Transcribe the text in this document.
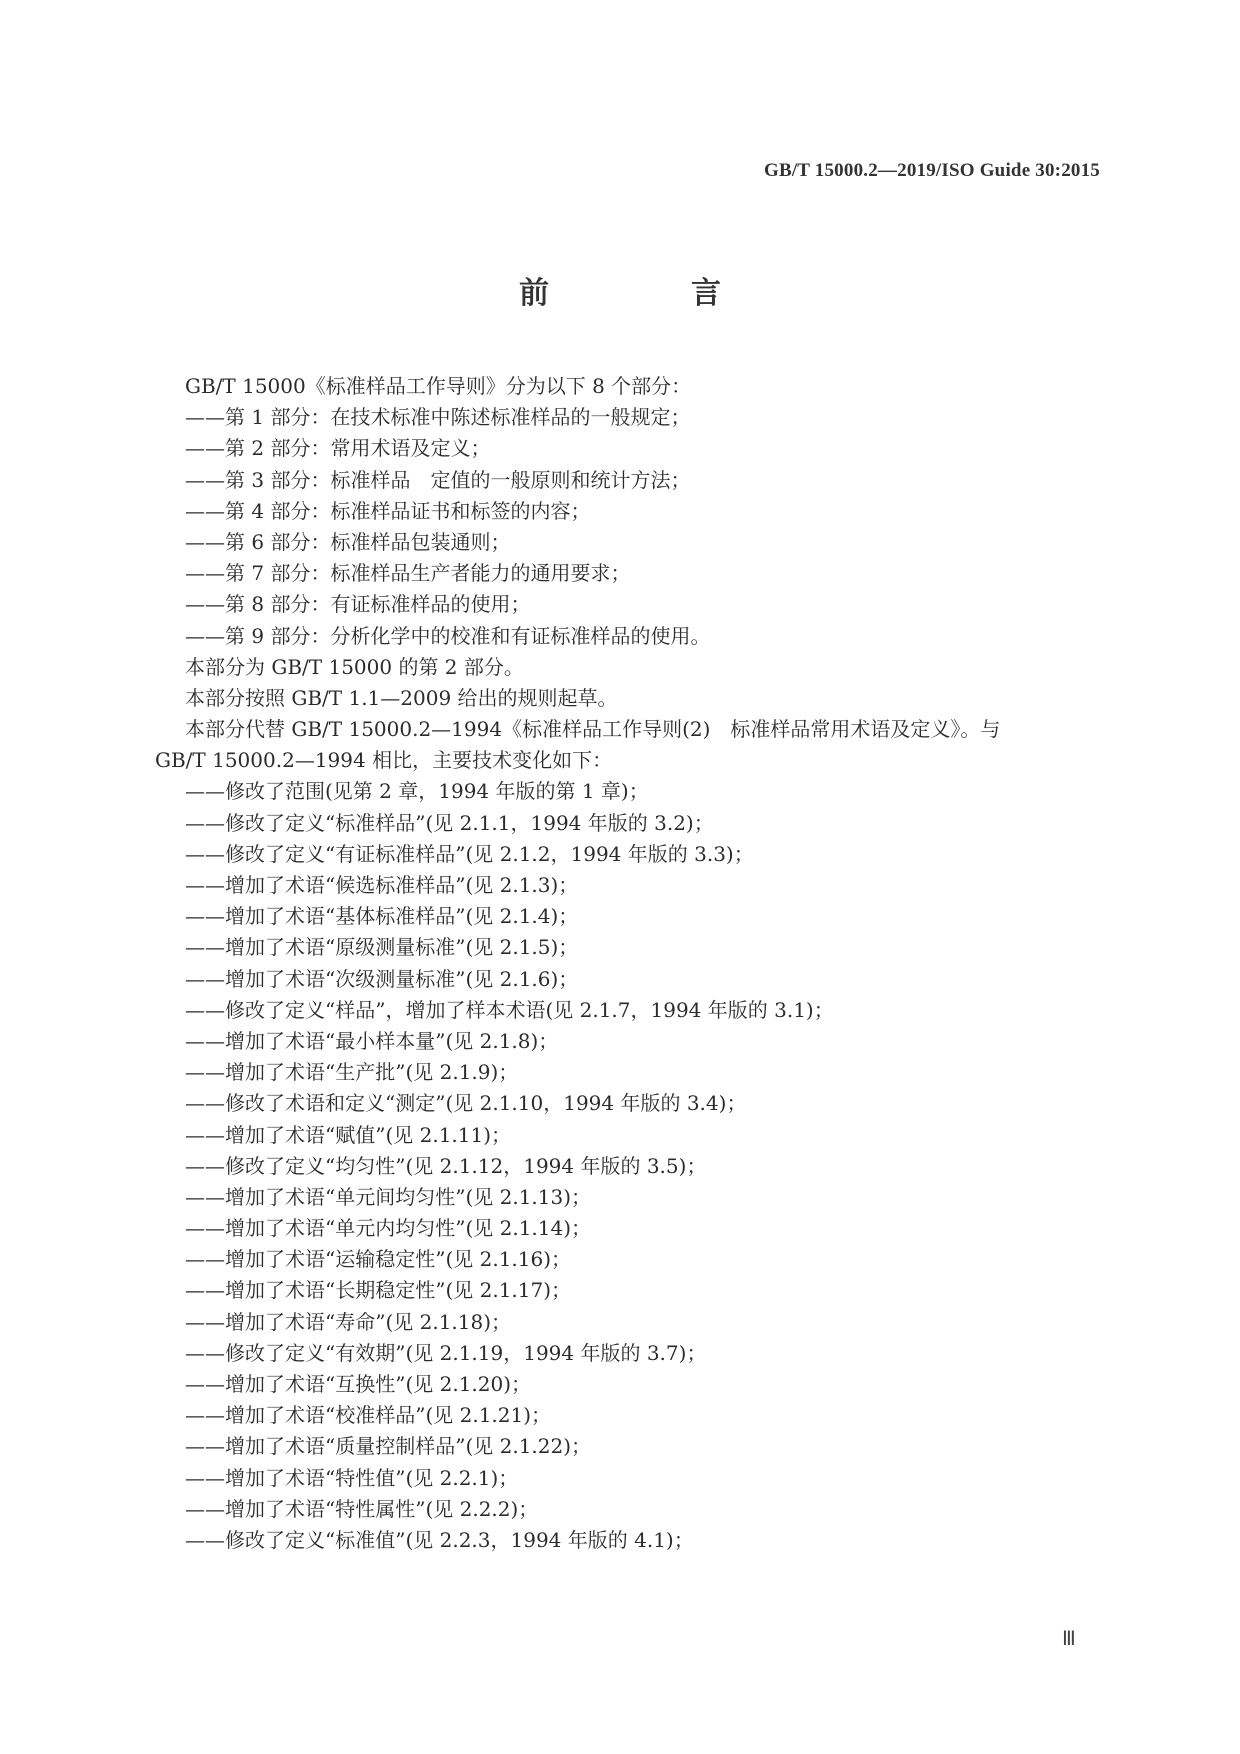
GB/T 15000.2—2019/ISO Guide 30:2015
前　言
GB/T 15000《标准样品工作导则》分为以下 8 个部分：
——第 1 部分：在技术标准中陈述标准样品的一般规定；
——第 2 部分：常用术语及定义；
——第 3 部分：标准样品　定值的一般原则和统计方法；
——第 4 部分：标准样品证书和标签的内容；
——第 6 部分：标准样品包装通则；
——第 7 部分：标准样品生产者能力的通用要求；
——第 8 部分：有证标准样品的使用；
——第 9 部分：分析化学中的校准和有证标准样品的使用。
本部分为 GB/T 15000 的第 2 部分。
本部分按照 GB/T 1.1—2009 给出的规则起草。
本部分代替 GB/T 15000.2—1994《标准样品工作导则(2)　标准样品常用术语及定义》。与
GB/T 15000.2—1994 相比，主要技术变化如下：
——修改了范围(见第 2 章，1994 年版的第 1 章)；
——修改了定义“标准样品”(见 2.1.1，1994 年版的 3.2)；
——修改了定义“有证标准样品”(见 2.1.2，1994 年版的 3.3)；
——增加了术语“候选标准样品”(见 2.1.3)；
——增加了术语“基体标准样品”(见 2.1.4)；
——增加了术语“原级测量标准”(见 2.1.5)；
——增加了术语“次级测量标准”(见 2.1.6)；
——修改了定义“样品”，增加了样本术语(见 2.1.7，1994 年版的 3.1)；
——增加了术语“最小样本量”(见 2.1.8)；
——增加了术语“生产批”(见 2.1.9)；
——修改了术语和定义“测定”(见 2.1.10，1994 年版的 3.4)；
——增加了术语“赋值”(见 2.1.11)；
——修改了定义“均匀性”(见 2.1.12，1994 年版的 3.5)；
——增加了术语“单元间均匀性”(见 2.1.13)；
——增加了术语“单元内均匀性”(见 2.1.14)；
——增加了术语“运输稳定性”(见 2.1.16)；
——增加了术语“长期稳定性”(见 2.1.17)；
——增加了术语“寿命”(见 2.1.18)；
——修改了定义“有效期”(见 2.1.19，1994 年版的 3.7)；
——增加了术语“互换性”(见 2.1.20)；
——增加了术语“校准样品”(见 2.1.21)；
——增加了术语“质量控制样品”(见 2.1.22)；
——增加了术语“特性值”(见 2.2.1)；
——增加了术语“特性属性”(见 2.2.2)；
——修改了定义“标准值”(见 2.2.3，1994 年版的 4.1)；
Ⅲ
